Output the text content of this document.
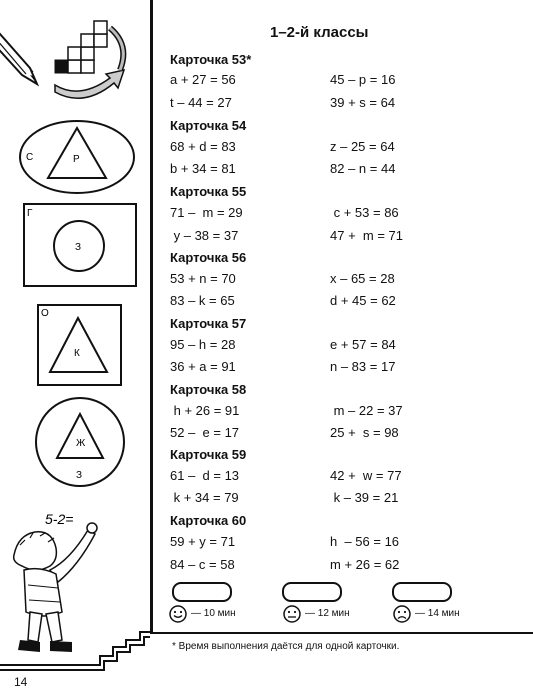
С	Р
Г
З
О
К
Ж
З
5-2=
1–2-й классы
Карточка 53*
a + 27 = 56	45 – p = 16
t – 44 = 27	39 + s = 64
Карточка 54
68 + d = 83	z – 25 = 64
b + 34 = 81	82 – n = 44
Карточка 55
71 –  m = 29	c + 53 = 86
y – 38 = 37	47 +  m = 71
Карточка 56
53 + n = 70	x – 65 = 28
83 – k = 65	d + 45 = 62
Карточка 57
95 – h = 28	e + 57 = 84
36 + a = 91	n – 83 = 17
Карточка 58
h + 26 = 91	m – 22 = 37
52 –  e = 17	25 +  s = 98
Карточка 59
61 –  d = 13	42 +  w = 77
k + 34 = 79	k – 39 = 21
Карточка 60
59 + y = 71	h  – 56 = 16
84 – c = 58	m + 26 = 62
— 10 мин	— 12 мин	— 14 мин
* Время выполнения даётся для одной карточки.
14
